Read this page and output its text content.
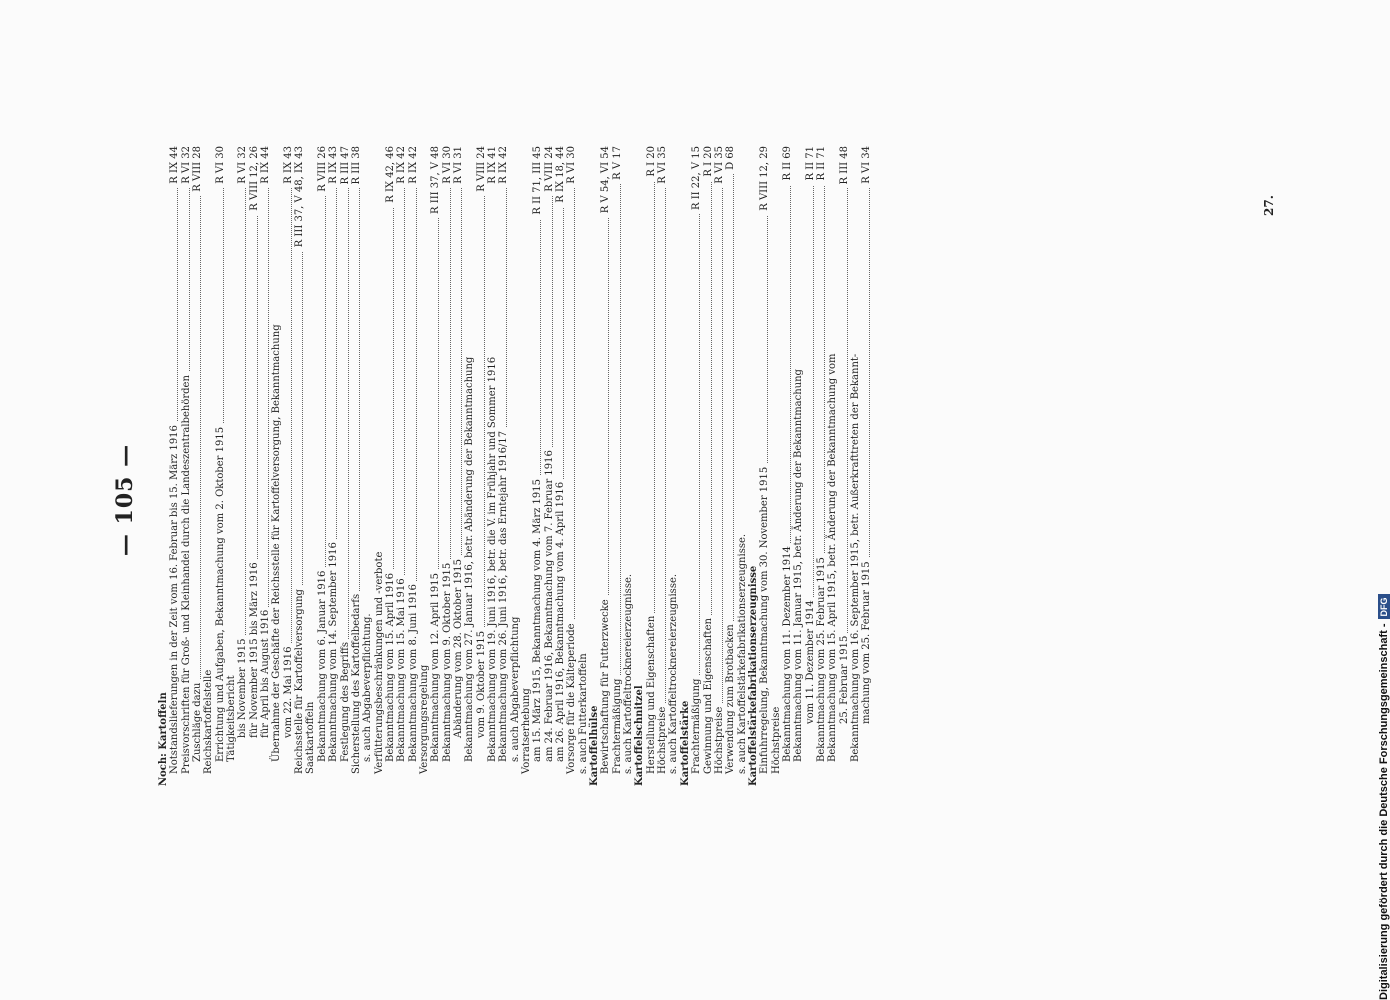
— 105 —
Noch: Kartoffeln Notstandslieferungen in der Zeit vom 16. Februar bis 15. März 1916
R IX 44
Preisvorschriften für Groß- und Kleinhandel durch die Landeszentralbehörden
R VI 32
Zuschläge dazu
R VIII 28
Reichskartoffelstelle Errichtung und Aufgaben, Bekanntmachung vom 2. Oktober 1915
R VI 30
Tätigkeitsbericht bis November 1915
R VI 32
für November 1915 bis März 1916
R VIII 12, 26
für April bis August 1916
R IX 44
Übernahme der Geschäfte der Reichsstelle für Kartoffelversorgung, Bekanntmachung vom 22. Mai 1916
R IX 43
Reichsstelle für Kartoffelversorgung
R III 37, V 48, IX 43
Saatkartoffeln Bekanntmachung vom 6. Januar 1916
R VIII 26
Bekanntmachung vom 14. September 1916
R IX 43
Festlegung des Begriffs
R III 47
Sicherstellung des Kartoffelbedarfs
R III 38
s. auch Abgabeverpflichtung. Verfütterungsbeschränkungen und -verbote Bekanntmachung vom 15. April 1916
R IX 42, 46
Bekanntmachung vom 15. Mai 1916
R IX 42
Bekanntmachung vom 8. Juni 1916
R IX 42
Versorgungsregelung Bekanntmachung vom 12. April 1915
R III 37, V 48
Bekanntmachung vom 9. Oktober 1915
R VI 30
Abänderung vom 28. Oktober 1915
R VI 31
Bekanntmachung vom 27. Januar 1916, betr. Abänderung der Bekanntmachung vom 9. Oktober 1915
R VIII 24
Bekanntmachung vom 19. Juni 1916, betr. die V. im Frühjahr und Sommer 1916
R IX 41
Bekanntmachung vom 26. Juni 1916, betr. das Erntejahr 1916/17
R IX 42
s. auch Abgabeverpflichtung Vorratserhebung am 15. März 1915, Bekanntmachung vom 4. März 1915
R II 71, III 45
am 24. Februar 1916, Bekanntmachung vom 7. Februar 1916
R VIII 24
am 26. April 1916, Bekanntmachung vom 4. April 1916
R IX 18, 44
Vorsorge für die Kälteperiode
R VI 30
s. auch Futterkartoffeln Kartoffelhülse Bewirtschaftung für Futterzwecke
R V 54, VI 54
Frachtermäßigung
R V 17
s. auch Kartoffeltrocknereierzeugnisse. Kartoffelschnitzel Herstellung und Eigenschaften
R I 20
Höchstpreise
R VI 35
s. auch Kartoffeltrocknereierzeugnisse. Kartoffelstärke Frachtermäßigung
R II 22, V 15
Gewinnung und Eigenschaften
R I 20
Höchstpreise
R VI 35
Verwendung zum Brotbacken
D 68
s. auch Kartoffelstärkefabrikationserzeugnisse. Kartoffelstärkefabrikationserzeugnisse Einfuhrregelung, Bekanntmachung vom 30. November 1915
R VIII 12, 29
Höchstpreise Bekanntmachung vom 11. Dezember 1914
R II 69
Bekanntmachung vom 11. Januar 1915, betr. Änderung der Bekanntmachung vom 11. Dezember 1914
R II 71
Bekanntmachung vom 25. Februar 1915
R II 71
Bekanntmachung vom 15. April 1915, betr. Änderung der Bekanntmachung vom 25. Februar 1915
R III 48
Bekanntmachung vom 16. September 1915, betr. Außerkrafttreten der Bekannt- machung vom 25. Februar 1915
R VI 34
27.
Digitalisierung gefördert durch die Deutsche Forschungsgemeinschaft -DFG
